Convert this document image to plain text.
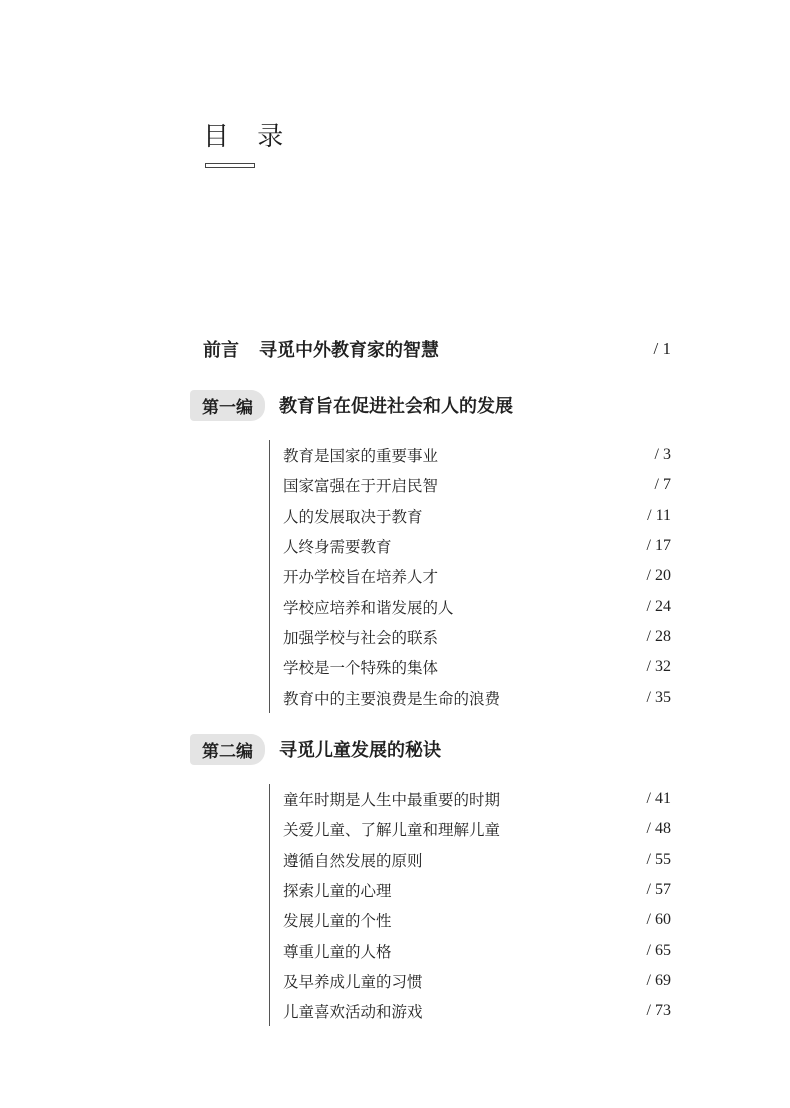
目 录
前言 寻觅中外教育家的智慧	/ 1
第一编	教育旨在促进社会和人的发展
教育是国家的重要事业	/ 3
国家富强在于开启民智	/ 7
人的发展取决于教育	/ 11
人终身需要教育	/ 17
开办学校旨在培养人才	/ 20
学校应培养和谐发展的人	/ 24
加强学校与社会的联系	/ 28
学校是一个特殊的集体	/ 32
教育中的主要浪费是生命的浪费	/ 35
第二编	寻觅儿童发展的秘诀
童年时期是人生中最重要的时期	/ 41
关爱儿童、了解儿童和理解儿童	/ 48
遵循自然发展的原则	/ 55
探索儿童的心理	/ 57
发展儿童的个性	/ 60
尊重儿童的人格	/ 65
及早养成儿童的习惯	/ 69
儿童喜欢活动和游戏	/ 73
